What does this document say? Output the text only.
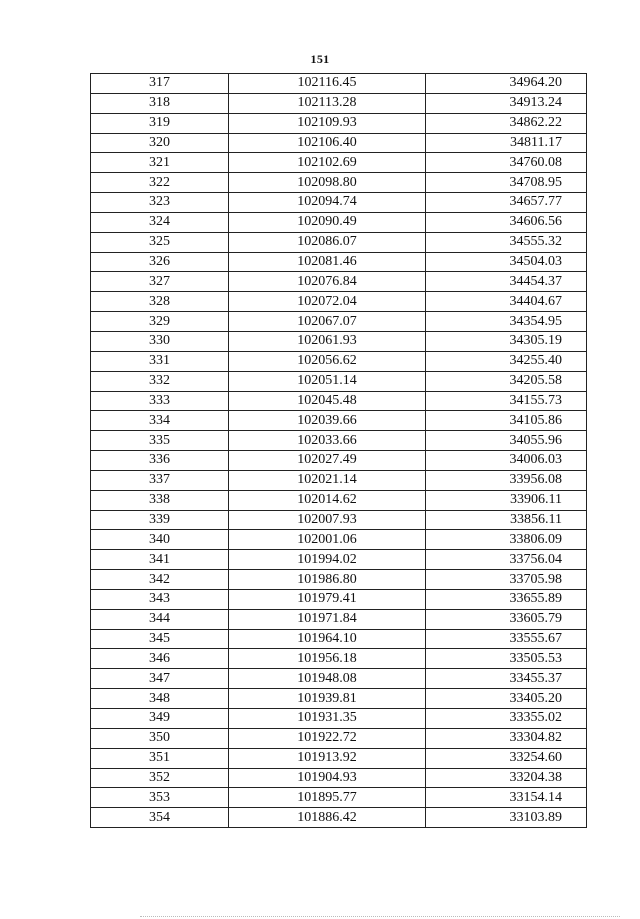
151
317	102116.45	34964.20
318	102113.28	34913.24
319	102109.93	34862.22
320	102106.40	34811.17
321	102102.69	34760.08
322	102098.80	34708.95
323	102094.74	34657.77
324	102090.49	34606.56
325	102086.07	34555.32
326	102081.46	34504.03
327	102076.84	34454.37
328	102072.04	34404.67
329	102067.07	34354.95
330	102061.93	34305.19
331	102056.62	34255.40
332	102051.14	34205.58
333	102045.48	34155.73
334	102039.66	34105.86
335	102033.66	34055.96
336	102027.49	34006.03
337	102021.14	33956.08
338	102014.62	33906.11
339	102007.93	33856.11
340	102001.06	33806.09
341	101994.02	33756.04
342	101986.80	33705.98
343	101979.41	33655.89
344	101971.84	33605.79
345	101964.10	33555.67
346	101956.18	33505.53
347	101948.08	33455.37
348	101939.81	33405.20
349	101931.35	33355.02
350	101922.72	33304.82
351	101913.92	33254.60
352	101904.93	33204.38
353	101895.77	33154.14
354	101886.42	33103.89
